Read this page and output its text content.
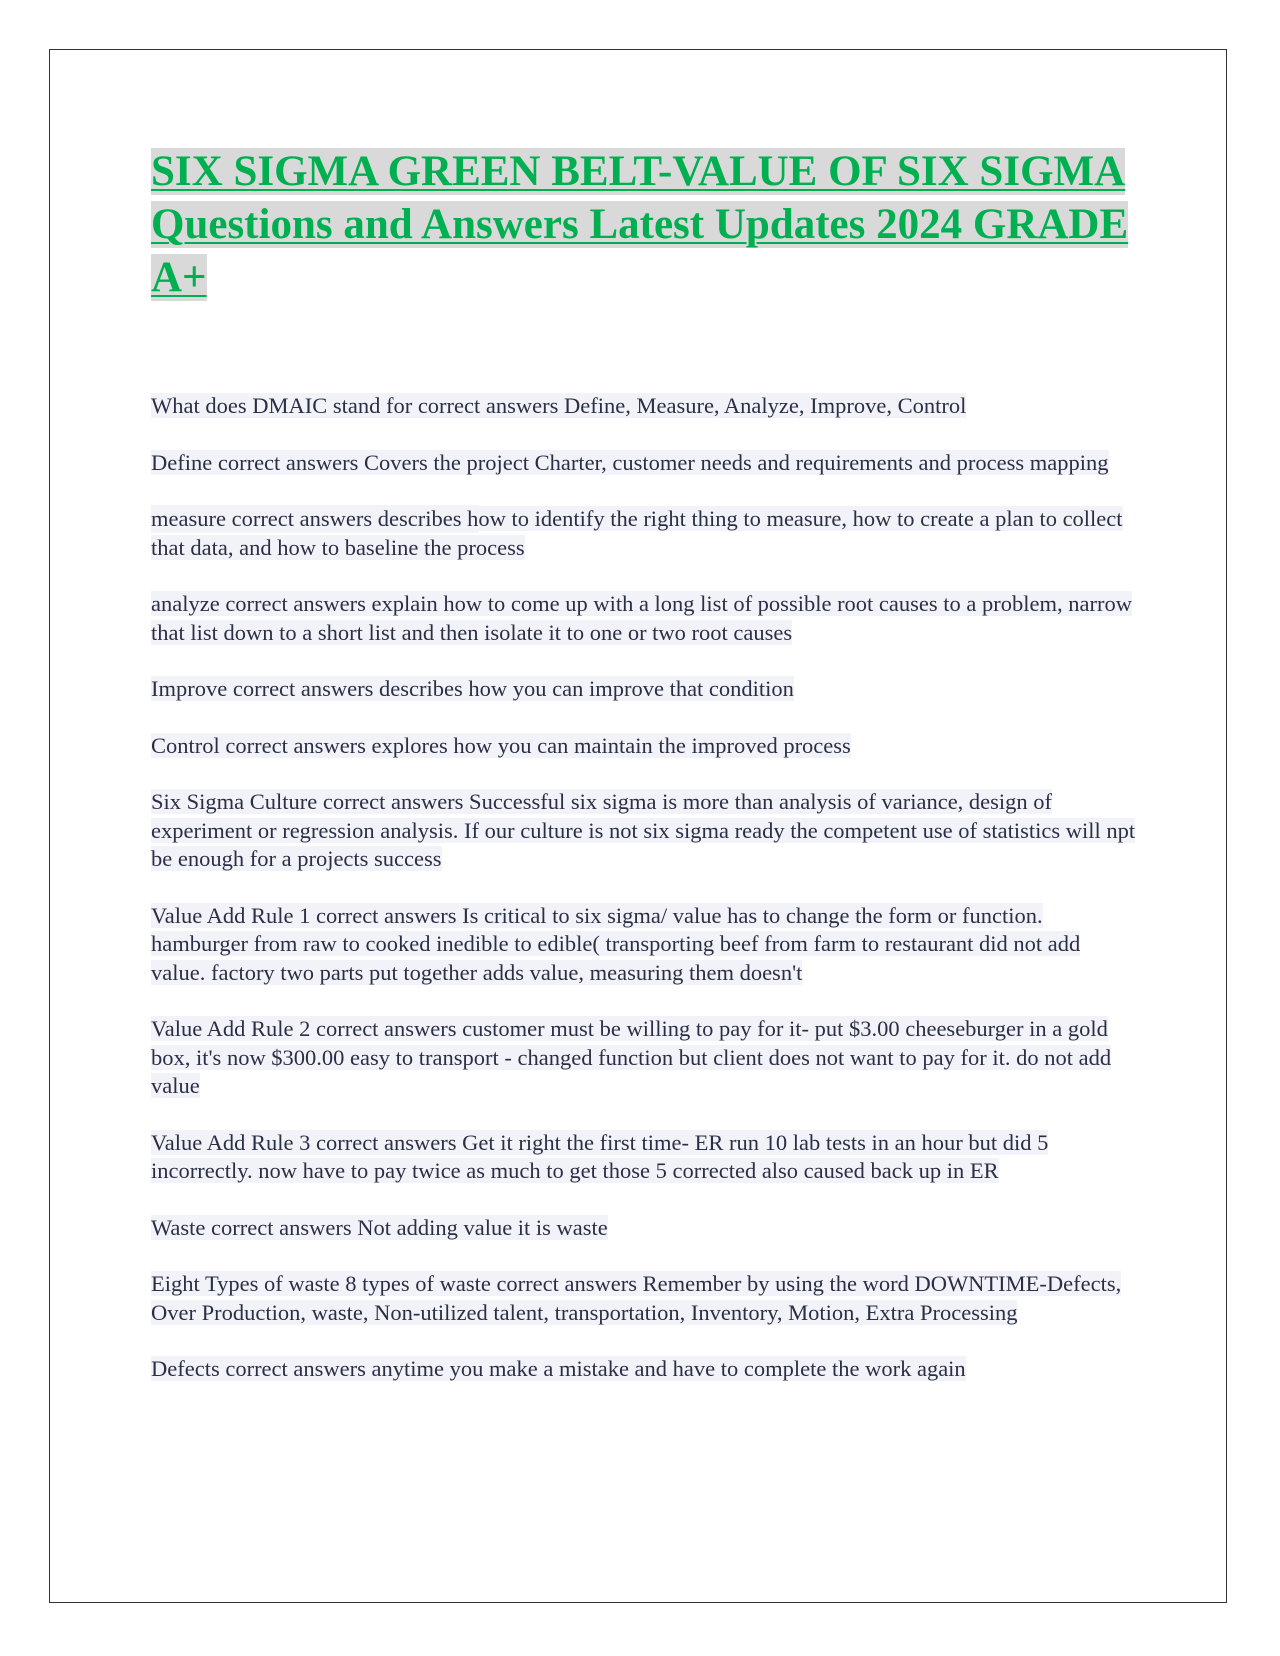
SIX SIGMA GREEN BELT-VALUE OF SIX SIGMA
Questions and Answers Latest Updates 2024 GRADE
A+

What does DMAIC stand for correct answers Define, Measure, Analyze, Improve, Control

Define correct answers Covers the project Charter, customer needs and requirements and process mapping

measure correct answers describes how to identify the right thing to measure, how to create a plan to collect that data, and how to baseline the process

analyze correct answers explain how to come up with a long list of possible root causes to a problem, narrow that list down to a short list and then isolate it to one or two root causes

Improve correct answers describes how you can improve that condition

Control correct answers explores how you can maintain the improved process

Six Sigma Culture correct answers Successful six sigma is more than analysis of variance, design of experiment or regression analysis. If our culture is not six sigma ready the competent use of statistics will npt be enough for a projects success

Value Add Rule 1 correct answers Is critical to six sigma/ value has to change the form or function. hamburger from raw to cooked inedible to edible( transporting beef from farm to restaurant did not add value. factory two parts put together adds value, measuring them doesn't

Value Add Rule 2 correct answers customer must be willing to pay for it- put $3.00 cheeseburger in a gold box, it's now $300.00 easy to transport - changed function but client does not want to pay for it. do not add value

Value Add Rule 3 correct answers Get it right the first time- ER run 10 lab tests in an hour but did 5 incorrectly. now have to pay twice as much to get those 5 corrected also caused back up in ER

Waste correct answers Not adding value it is waste

Eight Types of waste 8 types of waste correct answers Remember by using the word DOWNTIME-Defects, Over Production, waste, Non-utilized talent, transportation, Inventory, Motion, Extra Processing

Defects correct answers anytime you make a mistake and have to complete the work again
